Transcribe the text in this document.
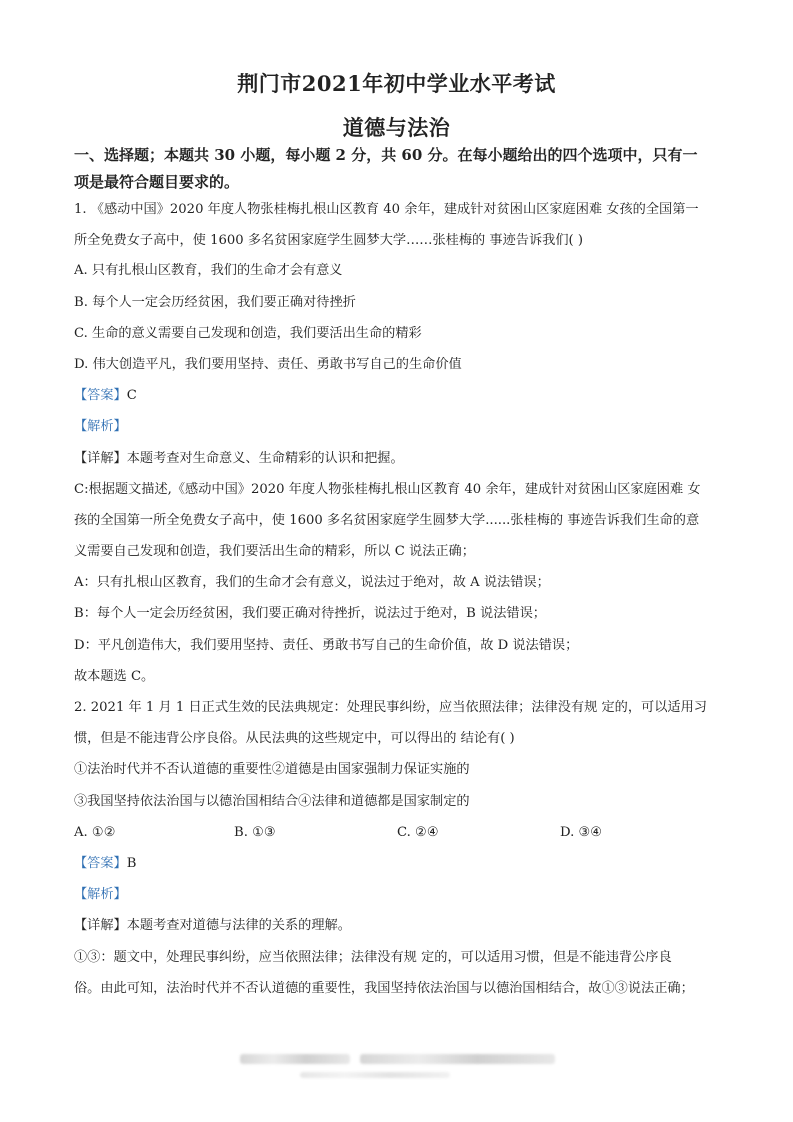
荆门市2021年初中学业水平考试
道德与法治
一、选择题；本题共 30 小题，每小题 2 分，共 60 分。在每小题给出的四个选项中，只有一
项是最符合题目要求的。
1. 《感动中国》2020 年度人物张桂梅扎根山区教育 40 余年，建成针对贫困山区家庭困难 女孩的全国第一
所全免费女子高中，使 1600 多名贫困家庭学生圆梦大学……张桂梅的 事迹告诉我们( )
A. 只有扎根山区教育，我们的生命才会有意义
B. 每个人一定会历经贫困，我们要正确对待挫折
C. 生命的意义需要自己发现和创造，我们要活出生命的精彩
D. 伟大创造平凡，我们要用坚持、责任、勇敢书写自己的生命价值
【答案】C
【解析】
【详解】本题考查对生命意义、生命精彩的认识和把握。
C:根据题文描述,《感动中国》2020 年度人物张桂梅扎根山区教育 40 余年，建成针对贫困山区家庭困难 女
孩的全国第一所全免费女子高中，使 1600 多名贫困家庭学生圆梦大学......张桂梅的 事迹告诉我们生命的意
义需要自己发现和创造，我们要活出生命的精彩，所以 C 说法正确；
A：只有扎根山区教育，我们的生命才会有意义，说法过于绝对，故 A 说法错误；
B：每个人一定会历经贫困，我们要正确对待挫折，说法过于绝对，B 说法错误；
D：平凡创造伟大，我们要用坚持、责任、勇敢书写自己的生命价值，故 D 说法错误；
故本题选 C。
2. 2021 年 1 月 1 日正式生效的民法典规定：处理民事纠纷，应当依照法律；法律没有规 定的，可以适用习
惯，但是不能违背公序良俗。从民法典的这些规定中，可以得出的 结论有( )
①法治时代并不否认道德的重要性②道德是由国家强制力保证实施的
③我国坚持依法治国与以德治国相结合④法律和道德都是国家制定的
A. ①②	B. ①③	C. ②④	D. ③④
【答案】B
【解析】
【详解】本题考查对道德与法律的关系的理解。
①③：题文中，处理民事纠纷，应当依照法律；法律没有规 定的，可以适用习惯，但是不能违背公序良
俗。由此可知，法治时代并不否认道德的重要性，我国坚持依法治国与以德治国相结合，故①③说法正确；
